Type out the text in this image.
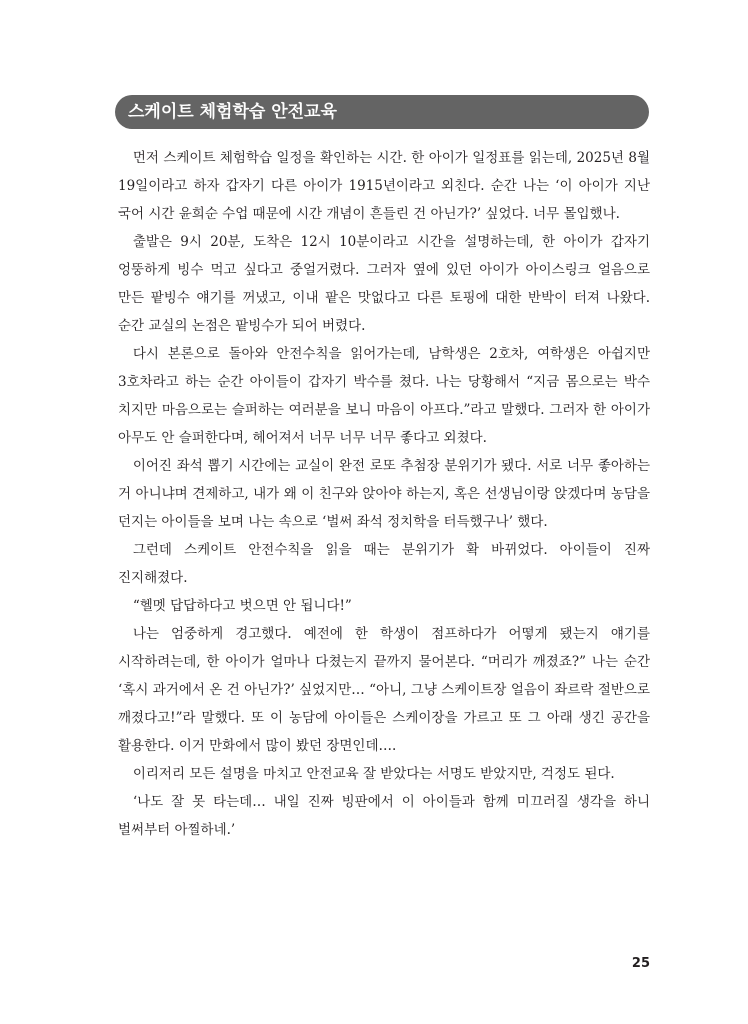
스케이트 체험학습 안전교육

먼저 스케이트 체험학습 일정을 확인하는 시간. 한 아이가 일정표를 읽는데, 2025년 8월 19일이라고 하자 갑자기 다른 아이가 1915년이라고 외친다. 순간 나는 ‘이 아이가 지난 국어 시간 윤희순 수업 때문에 시간 개념이 흔들린 건 아닌가?’ 싶었다. 너무 몰입했나.

출발은 9시 20분, 도착은 12시 10분이라고 시간을 설명하는데, 한 아이가 갑자기 엉뚱하게 빙수 먹고 싶다고 중얼거렸다. 그러자 옆에 있던 아이가 아이스링크 얼음으로 만든 팥빙수 얘기를 꺼냈고, 이내 팥은 맛없다고 다른 토핑에 대한 반박이 터져 나왔다. 순간 교실의 논점은 팥빙수가 되어 버렸다.

다시 본론으로 돌아와 안전수칙을 읽어가는데, 남학생은 2호차, 여학생은 아쉽지만 3호차라고 하는 순간 아이들이 갑자기 박수를 쳤다. 나는 당황해서 “지금 몸으로는 박수 치지만 마음으로는 슬퍼하는 여러분을 보니 마음이 아프다.”라고 말했다. 그러자 한 아이가 아무도 안 슬퍼한다며, 헤어져서 너무 너무 너무 좋다고 외쳤다.

이어진 좌석 뽑기 시간에는 교실이 완전 로또 추첨장 분위기가 됐다. 서로 너무 좋아하는 거 아니냐며 견제하고, 내가 왜 이 친구와 앉아야 하는지, 혹은 선생님이랑 앉겠다며 농담을 던지는 아이들을 보며 나는 속으로 ‘벌써 좌석 정치학을 터득했구나’ 했다.

그런데 스케이트 안전수칙을 읽을 때는 분위기가 확 바뀌었다. 아이들이 진짜 진지해졌다.

“헬멧 답답하다고 벗으면 안 됩니다!”

나는 엄중하게 경고했다. 예전에 한 학생이 점프하다가 어떻게 됐는지 얘기를 시작하려는데, 한 아이가 얼마나 다쳤는지 끝까지 물어본다. “머리가 깨졌죠?” 나는 순간 ‘혹시 과거에서 온 건 아닌가?’ 싶었지만… “아니, 그냥 스케이트장 얼음이 좌르락 절반으로 깨졌다고!”라 말했다. 또 이 농담에 아이들은 스케이장을 가르고 또 그 아래 생긴 공간을 활용한다. 이거 만화에서 많이 봤던 장면인데….

이리저리 모든 설명을 마치고 안전교육 잘 받았다는 서명도 받았지만, 걱정도 된다.

‘나도 잘 못 타는데… 내일 진짜 빙판에서 이 아이들과 함께 미끄러질 생각을 하니 벌써부터 아찔하네.’

25
